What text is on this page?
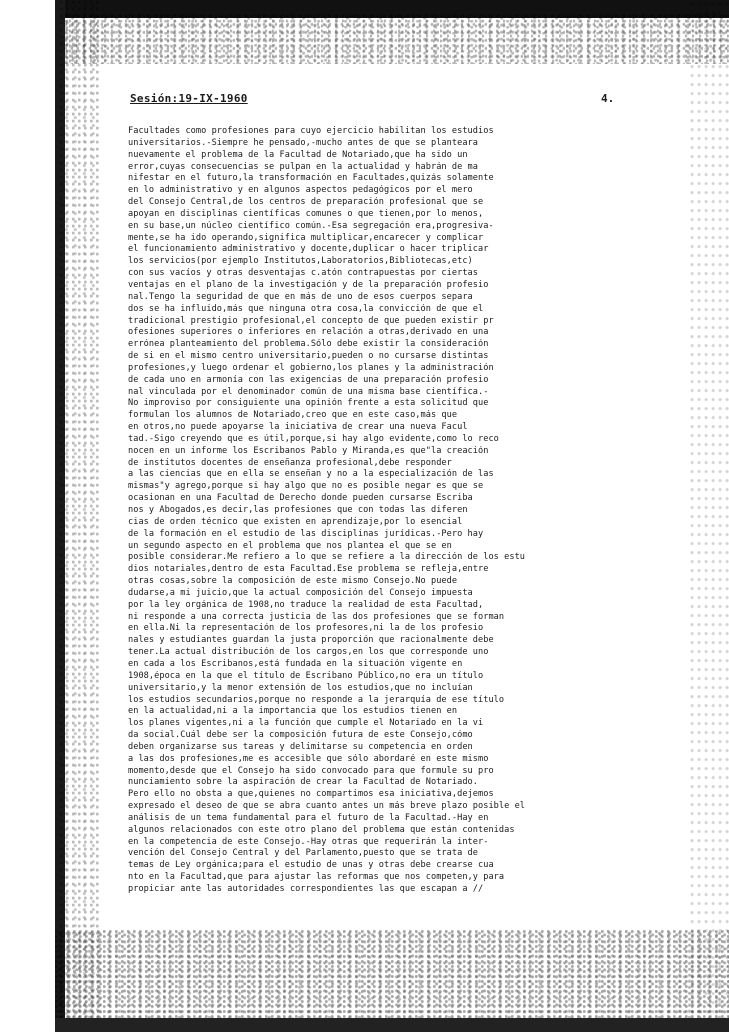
Sesión:19-IX-1960	4.
Facultades como profesiones para cuyo ejercicio habilitan los estudios
universitarios.-Siempre he pensado,-mucho antes de que se planteara
nuevamente el problema de la Facultad de Notariado,que ha sido un
error,cuyas consecuencias se pulpan en la actualidad y habrán de ma
nifestar en el futuro,la transformación en Facultades,quizás solamente
en lo administrativo y en algunos aspectos pedagógicos por el mero
del Consejo Central,de los centros de preparación profesional que se
apoyan en disciplinas científicas comunes o que tienen,por lo menos,
en su base,un núcleo científico común.-Esa segregación era,progresiva-
mente,se ha ido operando,significa multiplicar,encarecer y complicar
el funcionamiento administrativo y docente,duplicar o hacer triplicar
los servicios(por ejemplo Institutos,Laboratorios,Bibliotecas,etc)
con sus vacíos y otras desventajas c.atón contrapuestas por ciertas
ventajas en el plano de la investigación y de la preparación profesio
nal.Tengo la seguridad de que en más de uno de esos cuerpos separa
dos se ha influido,más que ninguna otra cosa,la convicción de que el
tradicional prestigio profesional,el concepto de que pueden existir pr
ofesiones superiores o inferiores en relación a otras,derivado en una
errónea planteamiento del problema.Sólo debe existir la consideración
de si en el mismo centro universitario,pueden o no cursarse distintas
profesiones,y luego ordenar el gobierno,los planes y la administración
de cada uno en armonía con las exigencias de una preparación profesio
nal vinculada por el denominador común de una misma base científica.-
No improviso por consiguiente una opinión frente a esta solicitud que
formulan los alumnos de Notariado,creo que en este caso,más que
en otros,no puede apoyarse la iniciativa de crear una nueva Facul
tad.-Sigo creyendo que es útil,porque,si hay algo evidente,como lo reco
nocen en un informe los Escribanos Pablo y Miranda,es que"la creación
de institutos docentes de enseñanza profesional,debe responder
a las ciencias que en ella se enseñan y no a la especialización de las
mismas"y agrego,porque si hay algo que no es posible negar es que se
ocasionan en una Facultad de Derecho donde pueden cursarse Escriba
nos y Abogados,es decir,las profesiones que con todas las diferen
cias de orden técnico que existen en aprendizaje,por lo esencial
de la formación en el estudio de las disciplinas jurídicas.-Pero hay
un segundo aspecto en el problema que nos plantea el que se en
posible considerar.Me refiero a lo que se refiere a la dirección de los estu
dios notariales,dentro de esta Facultad.Ese problema se refleja,entre
otras cosas,sobre la composición de este mismo Consejo.No puede
dudarse,a mi juicio,que la actual composición del Consejo impuesta
por la ley orgánica de 1908,no traduce la realidad de esta Facultad,
ni responde a una correcta justicia de las dos profesiones que se forman
en ella.Ni la representación de los profesores,ni la de los profesio
nales y estudiantes guardan la justa proporción que racionalmente debe
tener.La actual distribución de los cargos,en los que corresponde uno
en cada a los Escribanos,está fundada en la situación vigente en
1908,época en la que el título de Escribano Público,no era un título
universitario,y la menor extensión de los estudios,que no incluían
los estudios secundarios,porque no responde a la jerarquía de ese título
en la actualidad,ni a la importancia que los estudios tienen en
los planes vigentes,ni a la función que cumple el Notariado en la vi
da social.Cuál debe ser la composición futura de este Consejo,cómo
deben organizarse sus tareas y delimitarse su competencia en orden
a las dos profesiones,me es accesible que sólo abordaré en este mismo
momento,desde que el Consejo ha sido convocado para que formule su pro
nunciamiento sobre la aspiración de crear la Facultad de Notariado.
Pero ello no obsta a que,quienes no compartimos esa iniciativa,dejemos
expresado el deseo de que se abra cuanto antes un más breve plazo posible el
análisis de un tema fundamental para el futuro de la Facultad.-Hay en
algunos relacionados con este otro plano del problema que están contenidas
en la competencia de este Consejo.-Hay otras que requerirán la inter-
vención del Consejo Central y del Parlamento,puesto que se trata de
temas de Ley orgánica;para el estudio de unas y otras debe crearse cua
nto en la Facultad,que para ajustar las reformas que nos competen,y para
propiciar ante las autoridades correspondientes las que escapan a //
